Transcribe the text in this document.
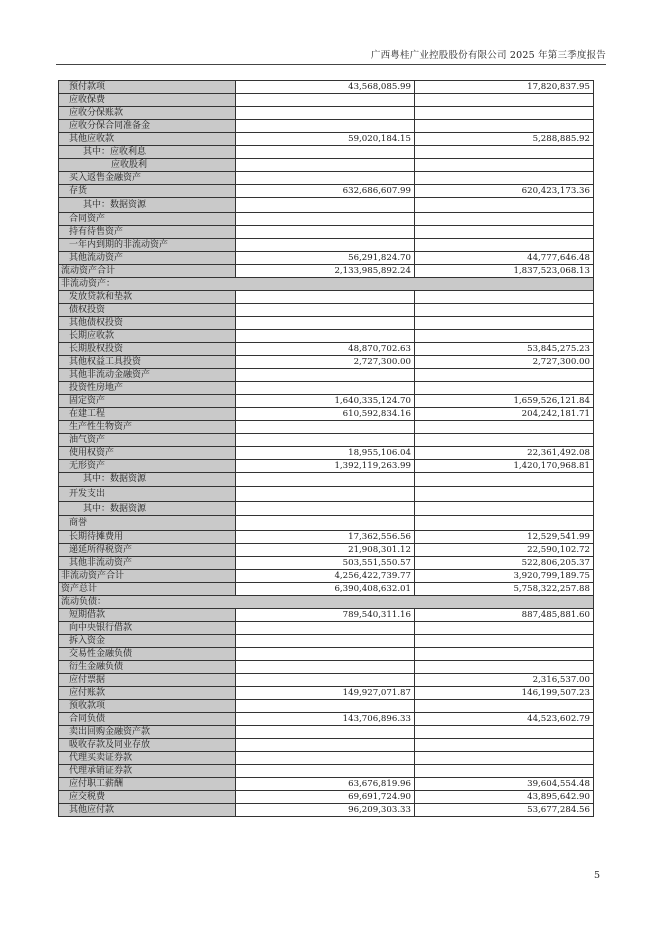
广西粤桂广业控股股份有限公司 2025 年第三季度报告
预付款项	43,568,085.99	17,820,837.95
应收保费		
应收分保账款		
应收分保合同准备金		
其他应收款	59,020,184.15	5,288,885.92
其中：应收利息		
应收股利		
买入返售金融资产		
存货	632,686,607.99	620,423,173.36
其中：数据资源		
合同资产		
持有待售资产		
一年内到期的非流动资产		
其他流动资产	56,291,824.70	44,777,646.48
流动资产合计	2,133,985,892.24	1,837,523,068.13
非流动资产：		
发放贷款和垫款		
债权投资		
其他债权投资		
长期应收款		
长期股权投资	48,870,702.63	53,845,275.23
其他权益工具投资	2,727,300.00	2,727,300.00
其他非流动金融资产		
投资性房地产		
固定资产	1,640,335,124.70	1,659,526,121.84
在建工程	610,592,834.16	204,242,181.71
生产性生物资产		
油气资产		
使用权资产	18,955,106.04	22,361,492.08
无形资产	1,392,119,263.99	1,420,170,968.81
其中：数据资源		
开发支出		
其中：数据资源		
商誉		
长期待摊费用	17,362,556.56	12,529,541.99
递延所得税资产	21,908,301.12	22,590,102.72
其他非流动资产	503,551,550.57	522,806,205.37
非流动资产合计	4,256,422,739.77	3,920,799,189.75
资产总计	6,390,408,632.01	5,758,322,257.88
流动负债：		
短期借款	789,540,311.16	887,485,881.60
向中央银行借款		
拆入资金		
交易性金融负债		
衍生金融负债		
应付票据		2,316,537.00
应付账款	149,927,071.87	146,199,507.23
预收款项		
合同负债	143,706,896.33	44,523,602.79
卖出回购金融资产款		
吸收存款及同业存放		
代理买卖证券款		
代理承销证券款		
应付职工薪酬	63,676,819.96	39,604,554.48
应交税费	69,691,724.90	43,895,642.90
其他应付款	96,209,303.33	53,677,284.56
5
